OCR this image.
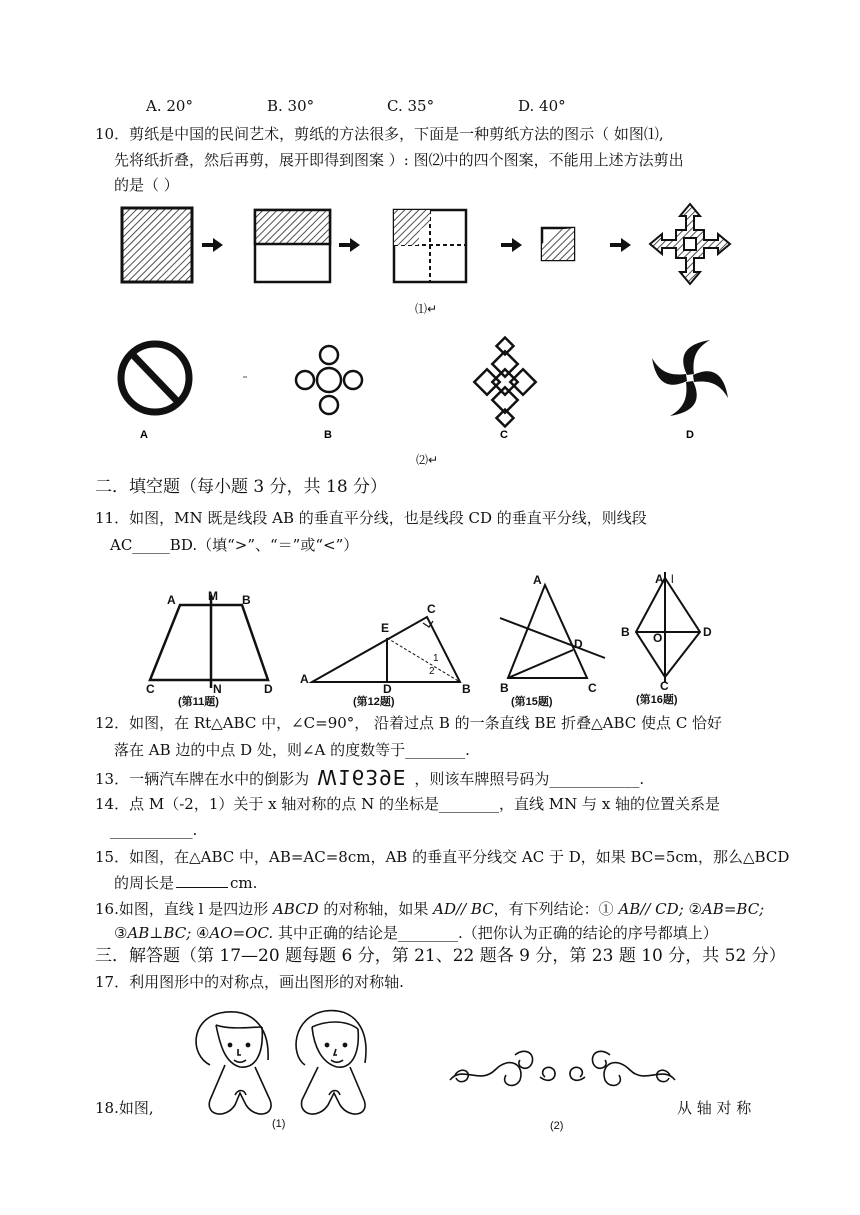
A. 20°	B. 30°	C. 35°	D. 40°
10．剪纸是中国的民间艺术，剪纸的方法很多，下面是一种剪纸方法的图示（ 如图⑴,
先将纸折叠，然后再剪，展开即得到图案 ）: 图⑵中的四个图案，不能用上述方法剪出
的是（ ）
⑴↵
A	B	C	D
⑵↵
二．填空题（每小题 3 分，共 18 分）
11．如图，MN 既是线段 AB 的垂直平分线，也是线段 CD 的垂直平分线，则线段
AC_____BD.（填“>”、“＝”或“<”）
A	M B
C	N	D
(第11题)
A
E
C
D	B
1
2
(第12题)
A
D
B	C
(第15题)
A l
B O	D
C
(第16题)
12．如图，在 Rt△ABC 中，∠C=90°， 沿着过点 B 的一条直线 BE 折叠△ABC 使点 C 恰好
落在 AB 边的中点 D 处，则∠A 的度数等于________.
13．一辆汽车牌在水中的倒影为 W1639E ，则该车牌照号码为____________.
14．点 M（-2，1）关于 x 轴对称的点 N 的坐标是________，直线 MN 与 x 轴的位置关系是
___________.
15．如图，在△ABC 中，AB=AC=8cm，AB 的垂直平分线交 AC 于 D，如果 BC=5cm，那么△BCD
的周长是	cm.
16.如图，直线 l 是四边形 ABCD 的对称轴，如果 AD// BC，有下列结论：① AB// CD; ②AB=BC;
③AB⊥BC; ④AO=OC. 其中正确的结论是________.（把你认为正确的结论的序号都填上）
三．解答题（第 17—20 题每题 6 分，第 21、22 题各 9 分，第 23 题 10 分，共 52 分）
17．利用图形中的对称点，画出图形的对称轴.
(1)	(2)
18.如图,	从 轴 对 称
